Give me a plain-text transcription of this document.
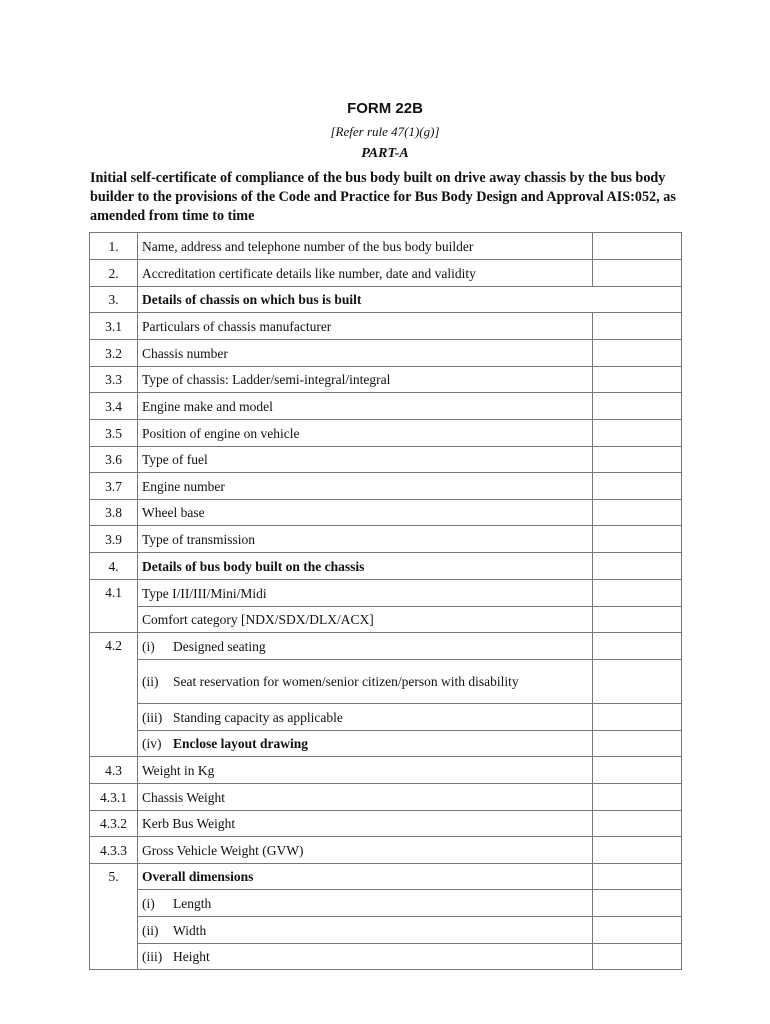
FORM 22B
[Refer rule 47(1)(g)]
PART-A
Initial self-certificate of compliance of the bus body built on drive away chassis by the bus body builder to the provisions of the Code and Practice for Bus Body Design and Approval AIS:052, as amended from time to time
1.	Name, address and telephone number of the bus body builder	
2.	Accreditation certificate details like number, date and validity	
3.	Details of chassis on which bus is built	
3.1	Particulars of chassis manufacturer	
3.2	Chassis number	
3.3	Type of chassis: Ladder/semi-integral/integral	
3.4	Engine make and model	
3.5	Position of engine on vehicle	
3.6	Type of fuel	
3.7	Engine number	
3.8	Wheel base	
3.9	Type of transmission	
4.	Details of bus body built on the chassis	
4.1	Type I/II/III/Mini/Midi	
	Comfort category [NDX/SDX/DLX/ACX]	
4.2	(i) Designed seating	

	(ii) Seat reservation for women/senior citizen/person with disability	

	(iii) Standing capacity as applicable	

	(iv) Enclose layout drawing	

4.3	Weight in Kg	
4.3.1	Chassis Weight	
4.3.2	Kerb Bus Weight	
4.3.3	Gross Vehicle Weight (GVW)	
5.	Overall dimensions	

	(i) Length	

	(ii) Width	

	(iii) Height	
